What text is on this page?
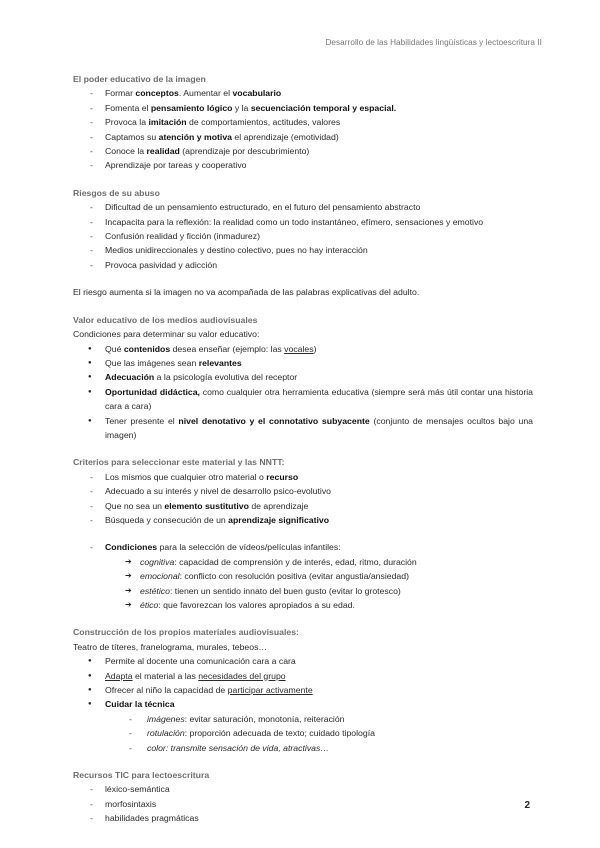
Desarrollo de las Habilidades lingüísticas y lectoescritura II

El poder educativo de la imagen

- Formar conceptos. Aumentar el vocabulario
- Fomenta el pensamiento lógico y la secuenciación temporal y espacial.
- Provoca la imitación de comportamientos, actitudes, valores
- Captamos su atención y motiva el aprendizaje (emotividad)
- Conoce la realidad (aprendizaje por descubrimiento)
- Aprendizaje por tareas y cooperativo

Riesgos de su abuso

- Dificultad de un pensamiento estructurado, en el futuro del pensamiento abstracto
- Incapacita para la reflexión: la realidad como un todo instantáneo, efímero, sensaciones y emotivo
- Confusión realidad y ficción (inmadurez)
- Medios unidireccionales y destino colectivo, pues no hay interacción
- Provoca pasividad y adicción

El riesgo aumenta si la imagen no va acompañada de las palabras explicativas del adulto.

Valor educativo de los medios audiovisuales

Condiciones para determinar su valor educativo:

● Qué contenidos desea enseñar (ejemplo: las vocales)
● Que las imágenes sean relevantes
● Adecuación a la psicología evolutiva del receptor
● Oportunidad didáctica, como cualquier otra herramienta educativa (siempre será más útil contar una historia cara a cara)
● Tener presente el nivel denotativo y el connotativo subyacente (conjunto de mensajes ocultos bajo una imagen)

Criterios para seleccionar este material y las NNTT:

- Los mismos que cualquier otro material o recurso
- Adecuado a su interés y nivel de desarrollo psico-evolutivo
- Que no sea un elemento sustitutivo de aprendizaje
- Búsqueda y consecución de un aprendizaje significativo
- Condiciones para la selección de vídeos/películas infantiles:
➔ cognitiva: capacidad de comprensión y de interés, edad, ritmo, duración
➔ emocional: conflicto con resolución positiva (evitar angustia/ansiedad)
➔ estético: tienen un sentido innato del buen gusto (evitar lo grotesco)
➔ ético: que favorezcan los valores apropiados a su edad.

Construcción de los propios materiales audiovisuales:

Teatro de títeres, franelograma, murales, tebeos…

● Permite al docente una comunicación cara a cara
● Adapta el material a las necesidades del grupo
● Ofrecer al niño la capacidad de participar activamente
● Cuidar la técnica
- imágenes: evitar saturación, monotonía, reiteración
- rotulación: proporción adecuada de texto; cuidado tipología
- color: transmite sensación de vida, atractivas…

Recursos TIC para lectoescritura

- léxico-semántica
- morfosintaxis
- habilidades pragmáticas
2
